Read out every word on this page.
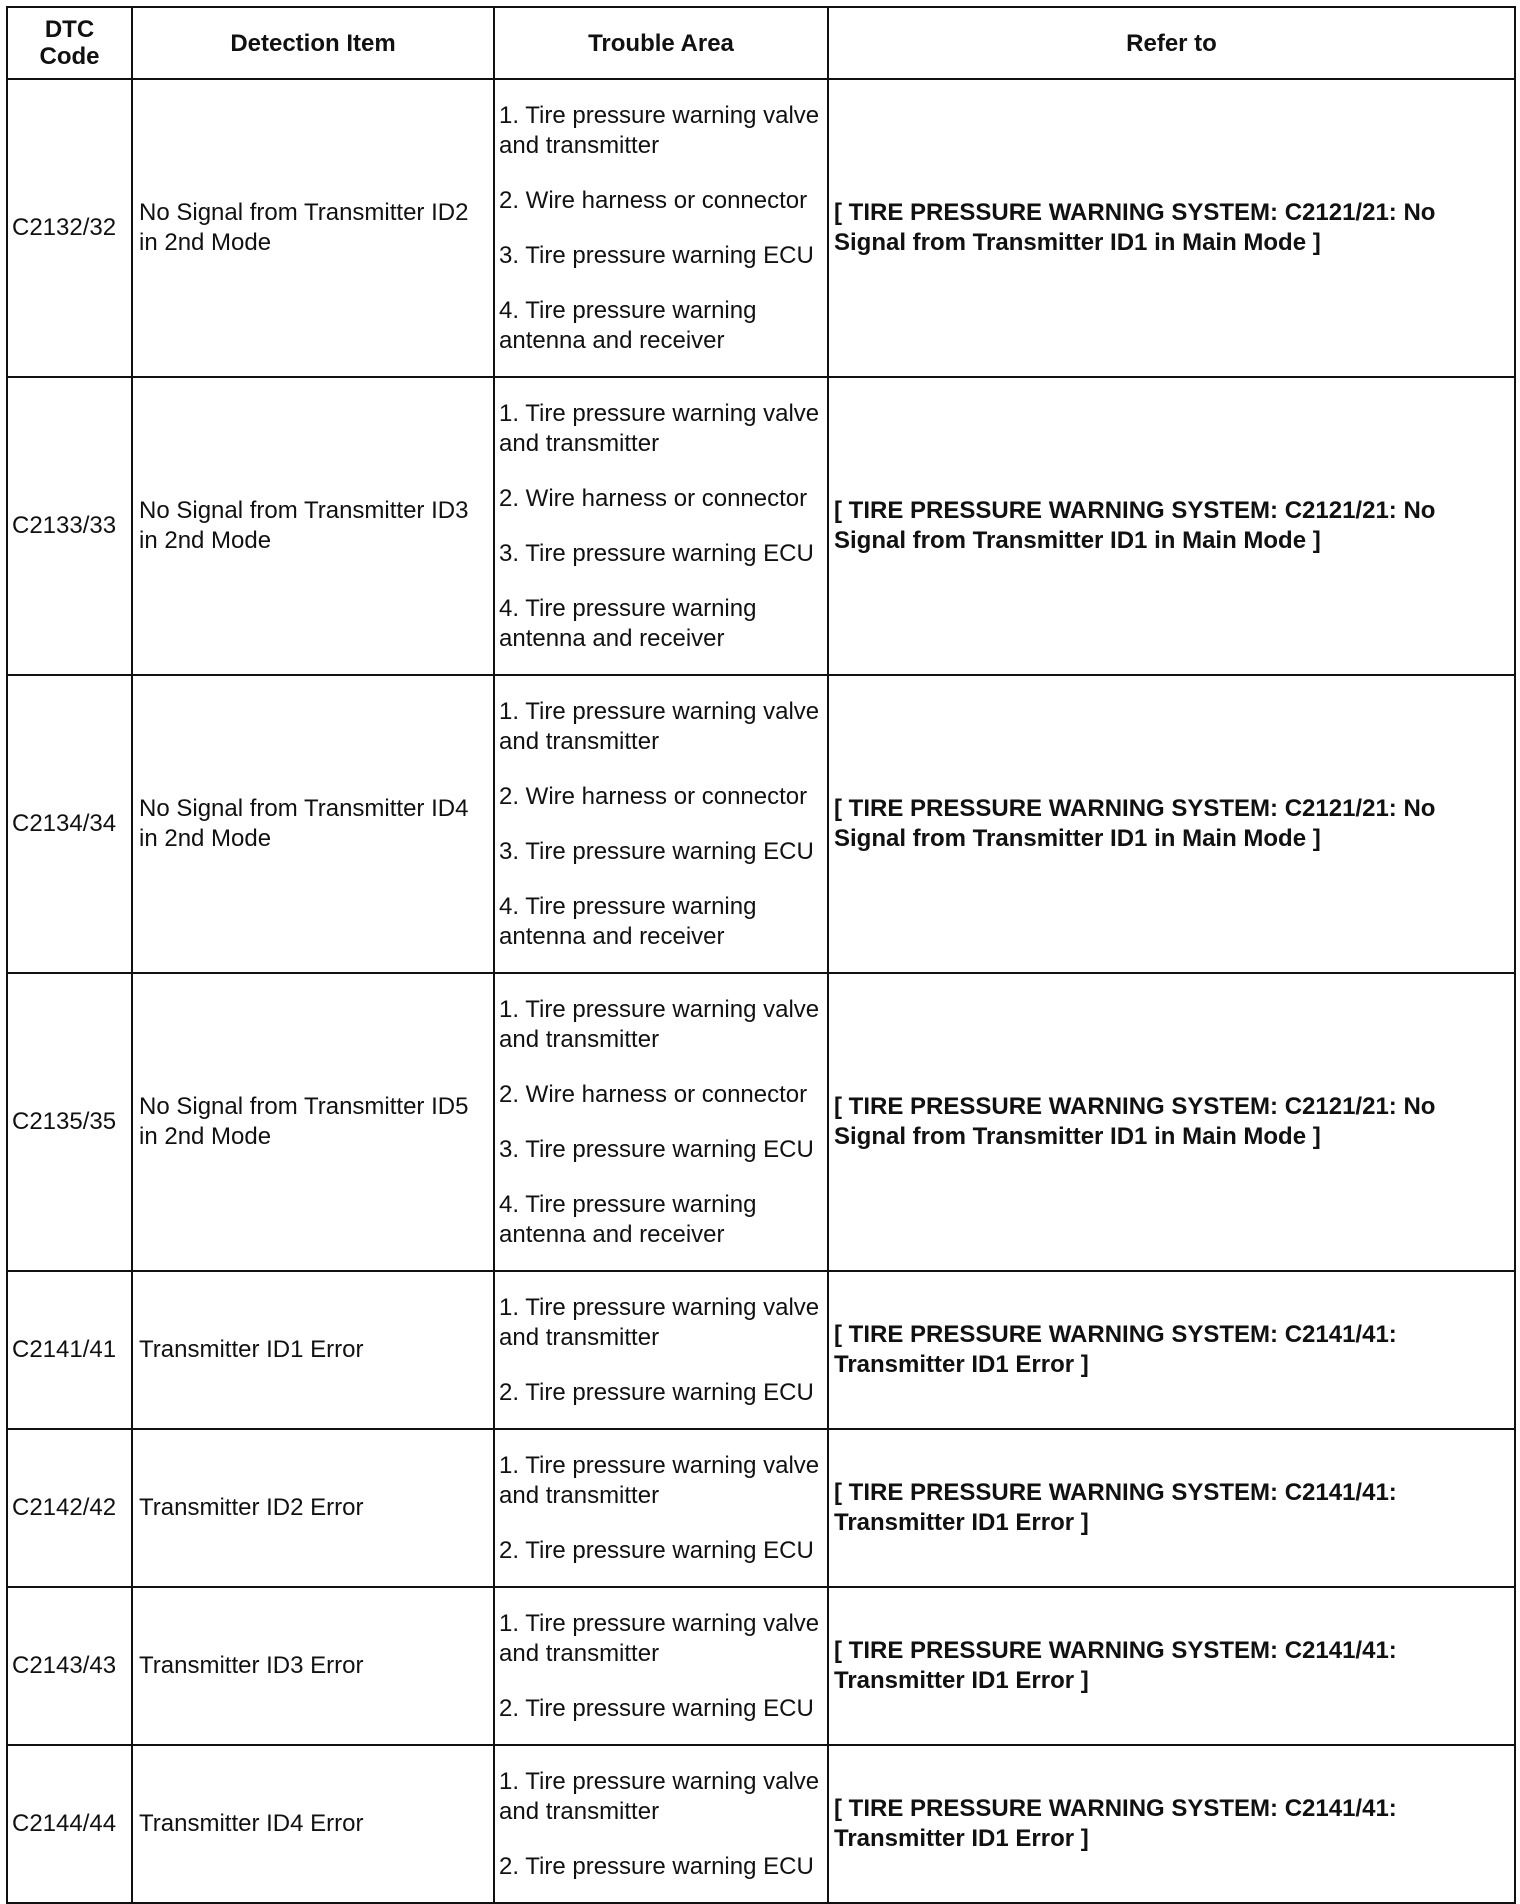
DTC
Code	Detection Item	Trouble Area	Refer to
C2132/32	No Signal from Transmitter ID2 in 2nd Mode	1. Tire pressure warning valve and transmitter

2. Wire harness or connector

3. Tire pressure warning ECU

4. Tire pressure warning antenna and receiver	[ TIRE PRESSURE WARNING SYSTEM: C2121/21: No Signal from Transmitter ID1 in Main Mode ]
C2133/33	No Signal from Transmitter ID3 in 2nd Mode	1. Tire pressure warning valve and transmitter

2. Wire harness or connector

3. Tire pressure warning ECU

4. Tire pressure warning antenna and receiver	[ TIRE PRESSURE WARNING SYSTEM: C2121/21: No Signal from Transmitter ID1 in Main Mode ]
C2134/34	No Signal from Transmitter ID4 in 2nd Mode	1. Tire pressure warning valve and transmitter

2. Wire harness or connector

3. Tire pressure warning ECU

4. Tire pressure warning antenna and receiver	[ TIRE PRESSURE WARNING SYSTEM: C2121/21: No Signal from Transmitter ID1 in Main Mode ]
C2135/35	No Signal from Transmitter ID5 in 2nd Mode	1. Tire pressure warning valve and transmitter

2. Wire harness or connector

3. Tire pressure warning ECU

4. Tire pressure warning antenna and receiver	[ TIRE PRESSURE WARNING SYSTEM: C2121/21: No Signal from Transmitter ID1 in Main Mode ]
C2141/41	Transmitter ID1 Error	1. Tire pressure warning valve and transmitter

2. Tire pressure warning ECU	[ TIRE PRESSURE WARNING SYSTEM: C2141/41: Transmitter ID1 Error ]
C2142/42	Transmitter ID2 Error	1. Tire pressure warning valve and transmitter

2. Tire pressure warning ECU	[ TIRE PRESSURE WARNING SYSTEM: C2141/41: Transmitter ID1 Error ]
C2143/43	Transmitter ID3 Error	1. Tire pressure warning valve and transmitter

2. Tire pressure warning ECU	[ TIRE PRESSURE WARNING SYSTEM: C2141/41: Transmitter ID1 Error ]
C2144/44	Transmitter ID4 Error	1. Tire pressure warning valve and transmitter

2. Tire pressure warning ECU	[ TIRE PRESSURE WARNING SYSTEM: C2141/41: Transmitter ID1 Error ]
